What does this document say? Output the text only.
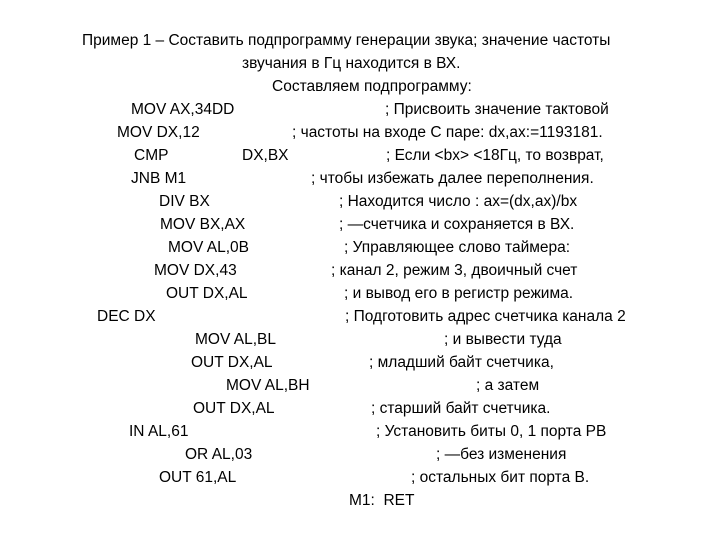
Пример 1 – Составить подпрограмму генерации звука; значение частоты
звучания в Гц находится в ВХ.
Составляем подпрограмму:
MOV AX,34DD	; Присвоить значение тактовой
MOV DX,12	; частоты на входе С паре: dx,ax:=1193181.
CMP	DX,BX	; Если <bx> <18Гц, то возврат,
JNB M1	; чтобы избежать далее переполнения.
DIV BX	; Находится число : ax=(dx,ax)/bx
MOV BX,AX	; —счетчика и сохраняется в ВХ.
MOV AL,0B	; Управляющее слово таймера:
MOV DX,43	; канал 2, режим 3, двоичный счет
OUT DX,AL	; и вывод его в регистр режима.
DEC DX	; Подготовить адрес счетчика канала 2
MOV AL,BL	; и вывести туда
OUT DX,AL	; младший байт счетчика,
MOV AL,BH	; а затем
OUT DX,AL	; старший байт счетчика.
IN AL,61	; Установить биты 0, 1 порта РВ
OR AL,03	; —без изменения
OUT 61,AL	; остальных бит порта В.
M1:  RET
